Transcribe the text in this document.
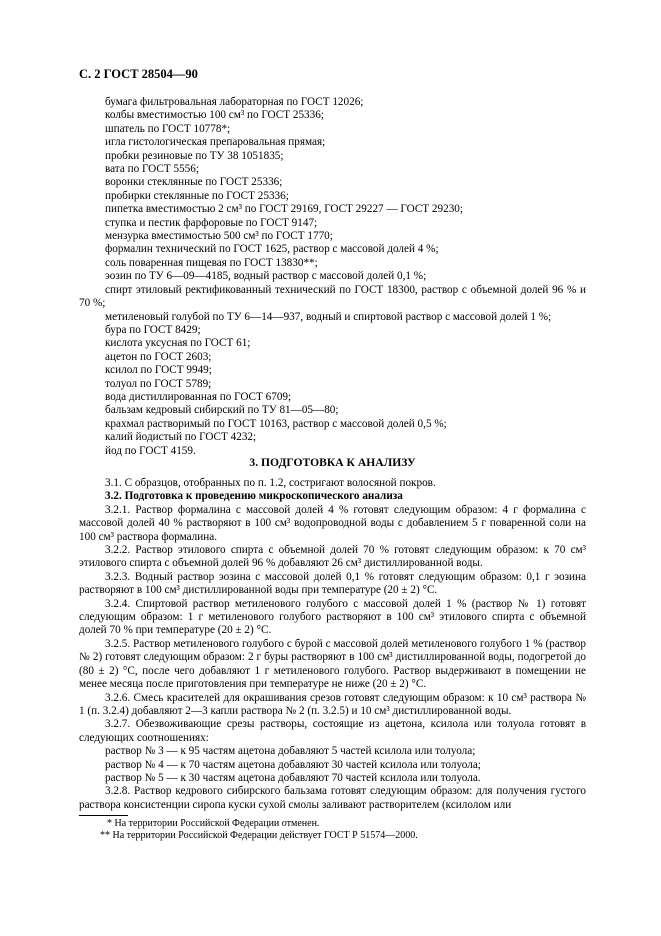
С. 2 ГОСТ 28504—90
бумага фильтровальная лабораторная по ГОСТ 12026;
колбы вместимостью 100 см³ по ГОСТ 25336;
шпатель по ГОСТ 10778*;
игла гистологическая препаровальная прямая;
пробки резиновые по ТУ 38 1051835;
вата по ГОСТ 5556;
воронки стеклянные по ГОСТ 25336;
пробирки стеклянные по ГОСТ 25336;
пипетка вместимостью 2 см³ по ГОСТ 29169, ГОСТ 29227 — ГОСТ 29230;
ступка и пестик фарфоровые по ГОСТ 9147;
мензурка вместимостью 500 см³ по ГОСТ 1770;
формалин технический по ГОСТ 1625, раствор с массовой долей 4 %;
соль поваренная пищевая по ГОСТ 13830**;
эозин по ТУ 6—09—4185, водный раствор с массовой долей 0,1 %;
спирт этиловый ректификованный технический по ГОСТ 18300, раствор с объемной долей 96 % и 70 %;
метиленовый голубой по ТУ 6—14—937, водный и спиртовой раствор с массовой долей 1 %;
бура по ГОСТ 8429;
кислота уксусная по ГОСТ 61;
ацетон по ГОСТ 2603;
ксилол по ГОСТ 9949;
толуол по ГОСТ 5789;
вода дистиллированная по ГОСТ 6709;
бальзам кедровый сибирский по ТУ 81—05—80;
крахмал растворимый по ГОСТ 10163, раствор с массовой долей 0,5 %;
калий йодистый по ГОСТ 4232;
йод по ГОСТ 4159.
3. ПОДГОТОВКА К АНАЛИЗУ
3.1. С образцов, отобранных по п. 1.2, состригают волосяной покров.
3.2. Подготовка к проведению микроскопического анализа
3.2.1. Раствор формалина с массовой долей 4 % готовят следующим образом: 4 г формалина с массовой долей 40 % растворяют в 100 см³ водопроводной воды с добавлением 5 г поваренной соли на 100 см³ раствора формалина.
3.2.2. Раствор этилового спирта с объемной долей 70 % готовят следующим образом: к 70 см³ этилового спирта с объемной долей 96 % добавляют 26 см³ дистиллированной воды.
3.2.3. Водный раствор эозина с массовой долей 0,1 % готовят следующим образом: 0,1 г эозина растворяют в 100 см³ дистиллированной воды при температуре (20 ± 2) °С.
3.2.4. Спиртовой раствор метиленового голубого с массовой долей 1 % (раствор № 1) готовят следующим образом: 1 г метиленового голубого растворяют в 100 см³ этилового спирта с объемной долей 70 % при температуре (20 ± 2) °С.
3.2.5. Раствор метиленового голубого с бурой с массовой долей метиленового голубого 1 % (раствор № 2) готовят следующим образом: 2 г буры растворяют в 100 см³ дистиллированной воды, подогретой до (80 ± 2) °С, после чего добавляют 1 г метиленового голубого. Раствор выдерживают в помещении не менее месяца после приготовления при температуре не ниже (20 ± 2) °С.
3.2.6. Смесь красителей для окрашивания срезов готовят следующим образом: к 10 см³ раствора № 1 (п. 3.2.4) добавляют 2—3 капли раствора № 2 (п. 3.2.5) и 10 см³ дистиллированной воды.
3.2.7. Обезвоживающие срезы растворы, состоящие из ацетона, ксилола или толуола готовят в следующих соотношениях:
раствор № 3 — к 95 частям ацетона добавляют 5 частей ксилола или толуола;
раствор № 4 — к 70 частям ацетона добавляют 30 частей ксилола или толуола;
раствор № 5 — к 30 частям ацетона добавляют 70 частей ксилола или толуола.
3.2.8. Раствор кедрового сибирского бальзама готовят следующим образом: для получения густого раствора консистенции сиропа куски сухой смолы заливают растворителем (ксилолом или
* На территории Российской Федерации отменен.
** На территории Российской Федерации действует ГОСТ Р 51574—2000.
